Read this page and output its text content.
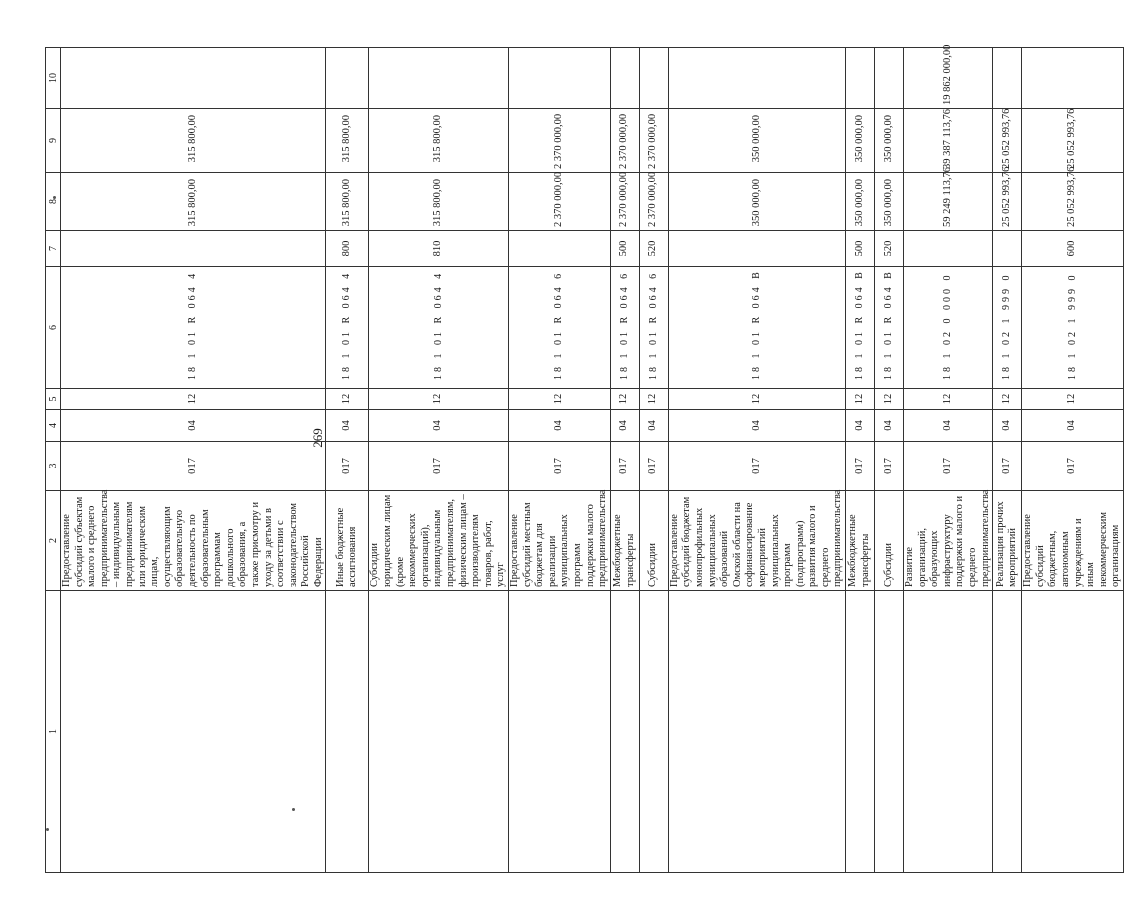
269
1	2	3	4	5	6	7	8	9	10
	Предоставление субсидий субъектам малого и среднего предпринимательства – индивидуальным предпринимателям или юридическим лицам, осуществляющим образовательную деятельность по образовательным программам дошкольного образования, а также присмотру и уходу за детьми в соответствии с законодательством Российской Федерации	017	04	12	18 1 01 R 064 4		315 800,00	315 800,00	
	Иные бюджетные ассигнования	017	04	12	18 1 01 R 064 4	800	315 800,00	315 800,00	
	Субсидии юридическим лицам (кроме некоммерческих организаций), индивидуальным предпринимателям, физическим лицам – производителям товаров, работ, услуг	017	04	12	18 1 01 R 064 4	810	315 800,00	315 800,00	
	Предоставление субсидий местным бюджетам для реализации муниципальных программ поддержки малого предпринимательства	017	04	12	18 1 01 R 064 6		2 370 000,00	2 370 000,00	
	Межбюджетные трансферты	017	04	12	18 1 01 R 064 6	500	2 370 000,00	2 370 000,00	
	Субсидии	017	04	12	18 1 01 R 064 6	520	2 370 000,00	2 370 000,00	
	Предоставление субсидий бюджетам монопрофильных муниципальных образований Омской области на софинансирование мероприятий муниципальных программ (подпрограмм) развития малого и среднего предпринимательства	017	04	12	18 1 01 R 064 В		350 000,00	350 000,00	
	Межбюджетные трансферты	017	04	12	18 1 01 R 064 В	500	350 000,00	350 000,00	
	Субсидии	017	04	12	18 1 01 R 064 В	520	350 000,00	350 000,00	
	Развитие организаций, образующих инфраструктуру поддержки малого и среднего предпринимательства	017	04	12	18 1 02 0 000 0		59 249 113,76	39 387 113,76	19 862 000,00
	Реализация прочих мероприятий	017	04	12	18 1 02 1 999 0		25 052 993,76	25 052 993,76	
	Предоставление субсидий бюджетным, автономным учреждениям и иным некоммерческим организациям	017	04	12	18 1 02 1 999 0	600	25 052 993,76	25 052 993,76	
